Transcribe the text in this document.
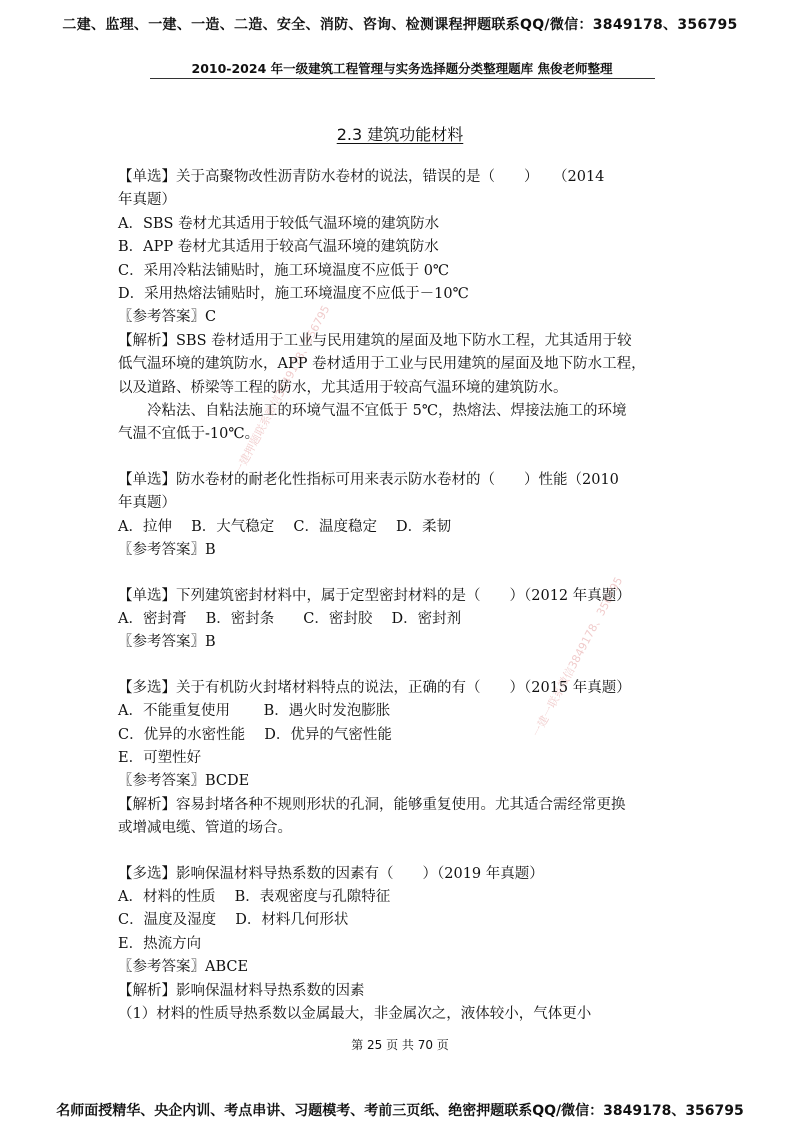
二建、监理、一建、一造、二造、安全、消防、咨询、检测课程押题联系QQ/微信：3849178、356795
2010-2024 年一级建筑工程管理与实务选择题分类整理题库 焦俊老师整理
2.3 建筑功能材料
一建押题联系微信3849178、356795
一建一联系微信3849178、356795

【单选】关于高聚物改性沥青防水卷材的说法，错误的是（　　）　　（2014

年真题）

A．SBS 卷材尤其适用于较低气温环境的建筑防水

B．APP 卷材尤其适用于较高气温环境的建筑防水

C．采用冷粘法铺贴时，施工环境温度不应低于 0℃

D．采用热熔法铺贴时，施工环境温度不应低于－10℃

〖参考答案〗C

【解析】SBS 卷材适用于工业与民用建筑的屋面及地下防水工程，尤其适用于较

低气温环境的建筑防水，APP 卷材适用于工业与民用建筑的屋面及地下防水工程，

以及道路、桥梁等工程的防水，尤其适用于较高气温环境的建筑防水。

冷粘法、自粘法施工的环境气温不宜低于 5℃，热熔法、焊接法施工的环境

气温不宜低于-10℃。

【单选】防水卷材的耐老化性指标可用来表示防水卷材的（　　）性能（2010

年真题）

A．拉伸　 B．大气稳定　 C．温度稳定　 D．柔韧

〖参考答案〗B

【单选】下列建筑密封材料中，属于定型密封材料的是（　　）（2012 年真题）

A．密封膏　 B．密封条　　C．密封胶　 D．密封剂

〖参考答案〗B

【多选】关于有机防火封堵材料特点的说法，正确的有（　　）（2015 年真题）

A．不能重复使用　　 B．遇火时发泡膨胀

C．优异的水密性能　 D．优异的气密性能

E．可塑性好

〖参考答案〗BCDE

【解析】容易封堵各种不规则形状的孔洞，能够重复使用。尤其适合需经常更换

或增减电缆、管道的场合。

【多选】影响保温材料导热系数的因素有（　　）（2019 年真题）

A．材料的性质　 B．表观密度与孔隙特征

C．温度及湿度　 D．材料几何形状

E．热流方向

〖参考答案〗ABCE

【解析】影响保温材料导热系数的因素

（1）材料的性质导热系数以金属最大，非金属次之，液体较小，气体更小

第 25 页 共 70 页
名师面授精华、央企内训、考点串讲、习题模考、考前三页纸、绝密押题联系QQ/微信：3849178、356795
